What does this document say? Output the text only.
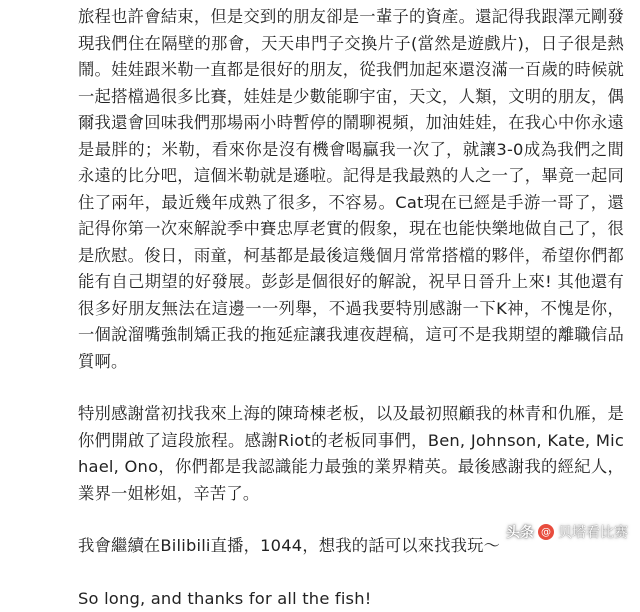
旅程也許會結束，但是交到的朋友卻是一輩子的資產。還記得我跟澤元剛發現我們住在隔壁的那會，天天串門子交換片子(當然是遊戲片)，日子很是熱鬧。娃娃跟米勒一直都是很好的朋友，從我們加起來還沒滿一百歲的時候就一起搭檔過很多比賽，娃娃是少數能聊宇宙，天文，人類，文明的朋友，偶爾我還會回味我們那場兩小時暫停的鬧聊視頻，加油娃娃，在我心中你永遠是最胖的；米勒，看來你是沒有機會喝贏我一次了，就讓3-0成為我們之間永遠的比分吧，這個米勒就是遜啦。記得是我最熟的人之一了，畢竟一起同住了兩年，最近幾年成熟了很多，不容易。Cat現在已經是手游一哥了，還記得你第一次來解說季中賽忠厚老實的假象，現在也能快樂地做自己了，很是欣慰。俊日，雨童，柯基都是最後這幾個月常常搭檔的夥伴，希望你們都能有自己期望的好發展。彭彭是個很好的解說，祝早日晉升上來! 其他還有很多好朋友無法在這邊一一列舉，不過我要特別感謝一下K神，不愧是你，一個說溜嘴強制矯正我的拖延症讓我連夜趕稿，這可不是我期望的離職信品質啊。

特別感謝當初找我來上海的陳琦棟老板，以及最初照顧我的林青和仇雁，是你們開啟了這段旅程。感謝Riot的老板同事們，Ben, Johnson, Kate, Michael, Ono，你們都是我認識能力最強的業界精英。最後感謝我的經紀人，業界一姐彬姐，辛苦了。

我會繼續在Bilibili直播，1044，想我的話可以來找我玩～

So long, and thanks for all the fish!

头条 @ 贝塔看比赛
